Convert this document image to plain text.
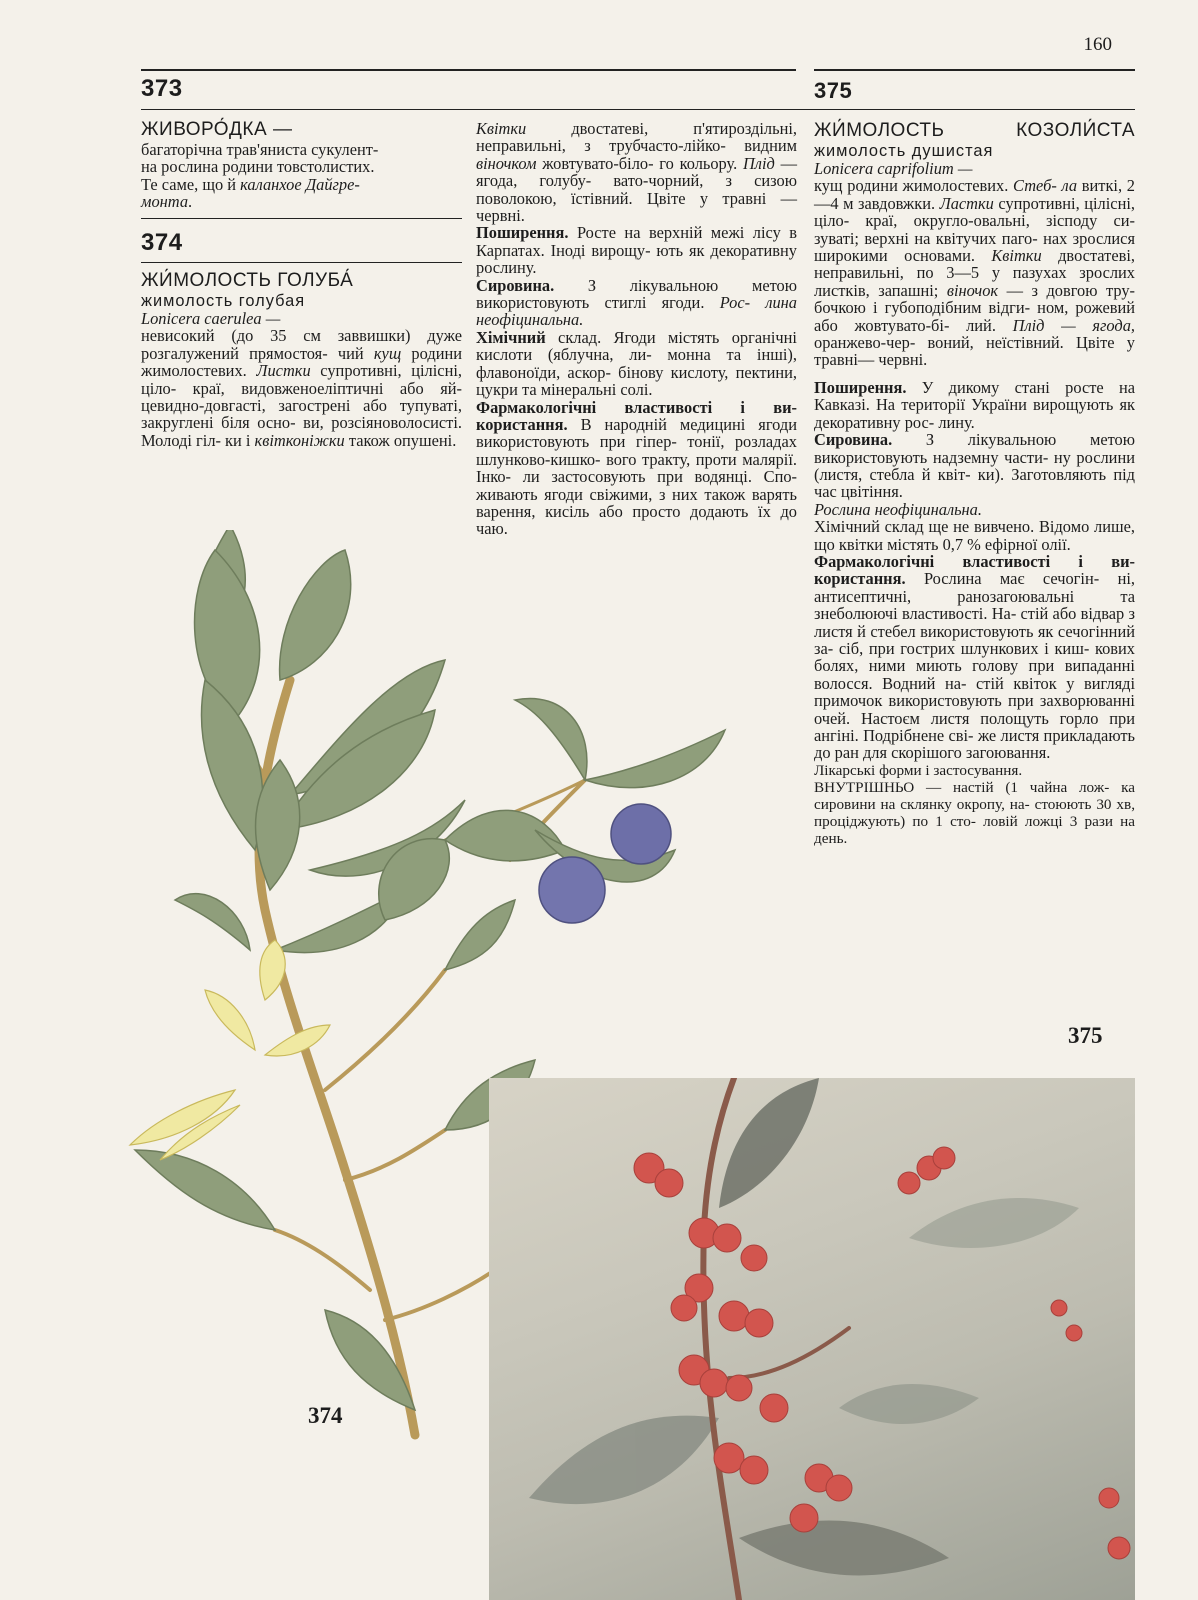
160
373

ЖИВОРО́ДКА —

багаторічна трав'яниста сукулент-

на рослина родини товстолистих.

Те саме, що й каланхое Дайгре-
монта.

374

ЖИ́МОЛОСТЬ ГОЛУБА́

жимолость голубая

Lonicera caerulea —

невисокий (до 35 см заввишки) дуже розгалужений прямостоя- чий кущ родини жимолостевих. Листки супротивні, цілісні, ціло- краї, видовженоеліптичні або яй- цевидно-довгасті, загострені або тупуваті, закруглені біля осно- ви, розсіяноволосисті. Молоді гіл- ки і квітконіжки також опушені.

Квітки двостатеві, п'ятироздільні, неправильні, з трубчасто-лійко- видним віночком жовтувато-біло- го кольору. Плід — ягода, голубу- вато-чорний, з сизою поволокою, їстівний. Цвіте у травні — червні.

Поширення. Росте на верхній межі лісу в Карпатах. Іноді вирощу- ють як декоративну рослину.

Сировина. З лікувальною метою використовують стиглі ягоди. Рос- лина неофіцинальна.

Хімічний склад. Ягоди містять органічні кислоти (яблучна, ли- монна та інші), флавоноїди, аскор- бінову кислоту, пектини, цукри та мінеральні солі.

Фармакологічні властивості і ви- користання. В народній медицині ягоди використовують при гіпер- тонії, розладах шлунково-кишко- вого тракту, проти малярії. Інко- ли застосовують при водянці. Спо- живають ягоди свіжими, з них також варять варення, кисіль або просто додають їх до чаю.

375

ЖИ́МОЛОСТЬ КОЗОЛИ́СТА

жимолость душистая

Lonicera caprifolium —

кущ родини жимолостевих. Стеб- ла виткі, 2—4 м завдовжки. Ластки супротивні, цілісні, ціло- краї, округло-овальні, зісподу си- зуваті; верхні на квітучих паго- нах зрослися широкими основами. Квітки двостатеві, неправильні, по 3—5 у пазухах зрослих листків, запашні; віночок — з довгою тру- бочкою і губоподібним відги- ном, рожевий або жовтувато-бі- лий. Плід — ягода, оранжево-чер- воний, неїстівний. Цвіте у травні— червні.

Поширення. У дикому стані росте на Кавказі. На території України вирощують як декоративну рос- лину.

Сировина. З лікувальною метою використовують надземну части- ну рослини (листя, стебла й квіт- ки). Заготовляють під час цвітіння.

Рослина неофіцинальна.

Хімічний склад ще не вивчено. Відомо лише, що квітки містять 0,7 % ефірної олії.

Фармакологічні властивості і ви- користання. Рослина має сечогін- ні, антисептичні, ранозагоювальні та знеболюючі властивості. На- стій або відвар з листя й стебел використовують як сечогінний за- сіб, при гострих шлункових і киш- кових болях, ними миють голову при випаданні волосся. Водний на- стій квіток у вигляді примочок використовують при захворюванні очей. Настоєм листя полощуть горло при ангіні. Подрібнене сві- же листя прикладають до ран для скорішого загоювання.

Лікарські форми і застосування.

ВНУТРІШНЬО — настій (1 чайна лож- ка сировини на склянку окропу, на- стоюють 30 хв, проціджують) по 1 сто- ловій ложці 3 рази на день.

374
375
